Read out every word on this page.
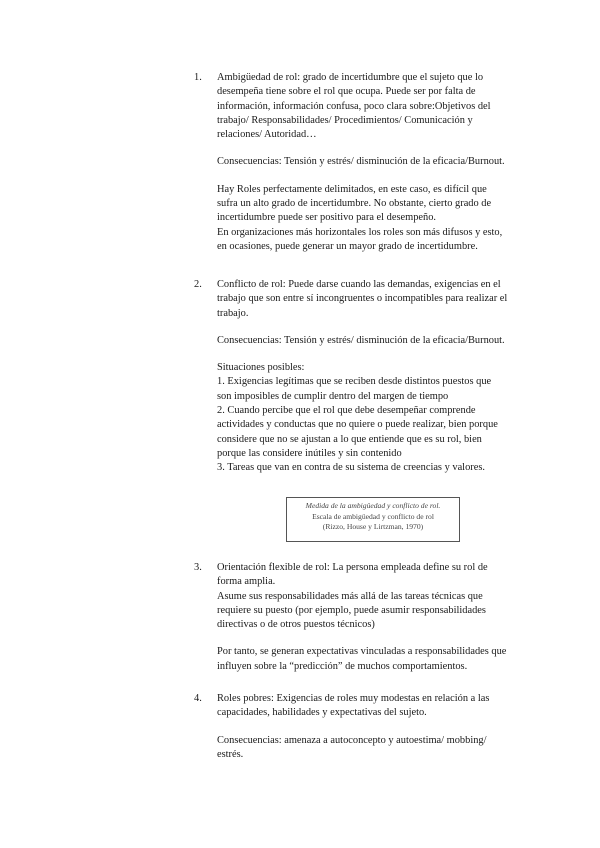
1. Ambigüedad de rol: grado de incertidumbre que el sujeto que lo
desempeña tiene sobre el rol que ocupa. Puede ser por falta de
información, información confusa, poco clara sobre:Objetivos del
trabajo/ Responsabilidades/ Procedimientos/ Comunicación y
relaciones/ Autoridad…
Consecuencias: Tensión y estrés/ disminución de la eficacia/Burnout.
Hay Roles perfectamente delimitados, en este caso, es difícil que
sufra un alto grado de incertidumbre. No obstante, cierto grado de
incertidumbre puede ser positivo para el desempeño.
En organizaciones más horizontales los roles son más difusos y esto,
en ocasiones, puede generar un mayor grado de incertidumbre.
2. Conflicto de rol: Puede darse cuando las demandas, exigencias en el
trabajo que son entre sí incongruentes o incompatibles para realizar el
trabajo.
Consecuencias: Tensión y estrés/ disminución de la eficacia/Burnout.
Situaciones posibles:
1. Exigencias legítimas que se reciben desde distintos puestos que
son imposibles de cumplir dentro del margen de tiempo
2. Cuando percibe que el rol que debe desempeñar comprende
actividades y conductas que no quiere o puede realizar, bien porque
considere que no se ajustan a lo que entiende que es su rol, bien
porque las considere inútiles y sin contenido
3. Tareas que van en contra de su sistema de creencias y valores.
Medida de la ambigüedad y conflicto de rol.
Escala de ambigüedad y conflicto de rol
(Rizzo, House y Lirtzman, 1970)
3. Orientación flexible de rol: La persona empleada define su rol de
forma amplia.
Asume sus responsabilidades más allá de las tareas técnicas que
requiere su puesto (por ejemplo, puede asumir responsabilidades
directivas o de otros puestos técnicos)
Por tanto, se generan expectativas vinculadas a responsabilidades que
influyen sobre la “predicción” de muchos comportamientos.
4. Roles pobres: Exigencias de roles muy modestas en relación a las
capacidades, habilidades y expectativas del sujeto.
Consecuencias: amenaza a autoconcepto y autoestima/ mobbing/
estrés.
